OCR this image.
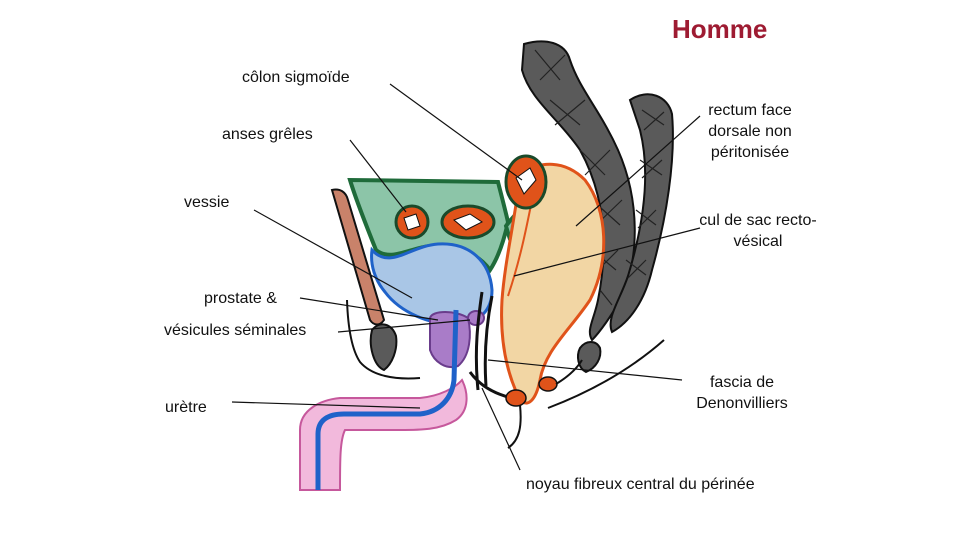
Homme
côlon sigmoïde
anses grêles
vessie
prostate &
vésicules séminales
urètre
rectum face
dorsale non
péritonisée
cul de sac recto-
vésical
fascia de
Denonvilliers
noyau fibreux central du périnée
